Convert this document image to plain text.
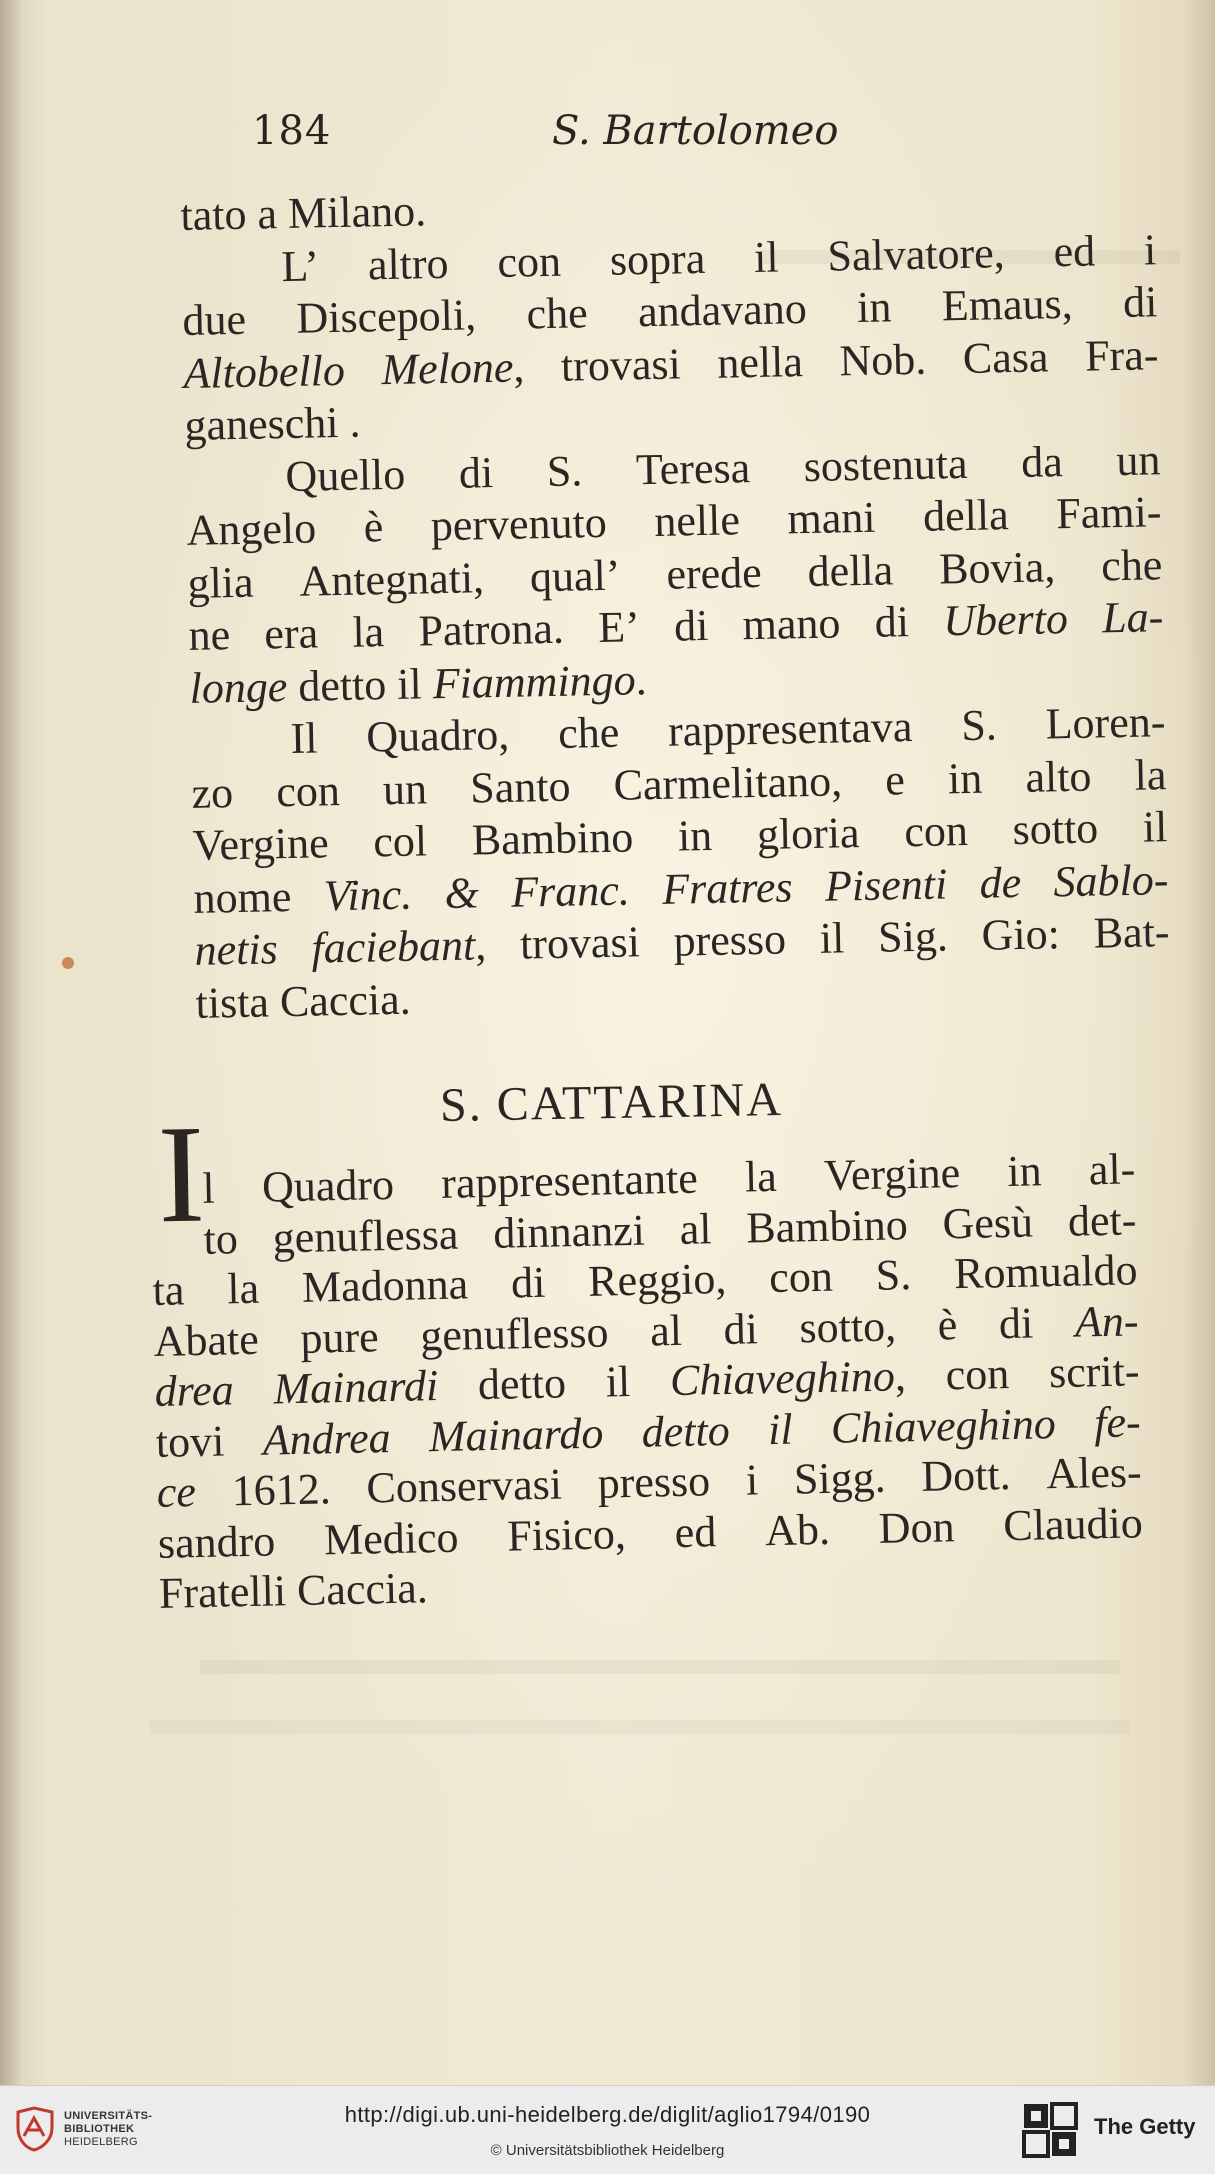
184	S. Bartolomeo
tato a Milano.
L’ altro con sopra il Salvatore, ed i
due Discepoli, che andavano in Emaus, di
Altobello Melone, trovasi nella Nob. Casa Fra-
ganeschi .
Quello di S. Teresa sostenuta da un
Angelo è pervenuto nelle mani della Fami-
glia Antegnati, qual’ erede della Bovia, che
ne era la Patrona. E’ di mano di Uberto La-
longe detto il Fiammingo.
Il Quadro, che rappresentava S. Loren-
zo con un Santo Carmelitano, e in alto la
Vergine col Bambino in gloria con sotto il
nome Vinc. & Franc. Fratres Pisenti de Sablo-
netis faciebant, trovasi presso il Sig. Gio: Bat-
tista Caccia.
S. CATTARINA
I
l Quadro rappresentante la Vergine in al-
to genuflessa dinnanzi al Bambino Gesù det-
ta la Madonna di Reggio, con S. Romualdo
Abate pure genuflesso al di sotto, è di An-
drea Mainardi detto il Chiaveghino, con scrit-
tovi Andrea Mainardo detto il Chiaveghino fe-
ce 1612. Conservasi presso i Sigg. Dott. Ales-
sandro Medico Fisico, ed Ab. Don Claudio
Fratelli Caccia.
UNIVERSITÄTS-
BIBLIOTHEK
HEIDELBERG
http://digi.ub.uni-heidelberg.de/diglit/aglio1794/0190
© Universitätsbibliothek Heidelberg
The Getty
